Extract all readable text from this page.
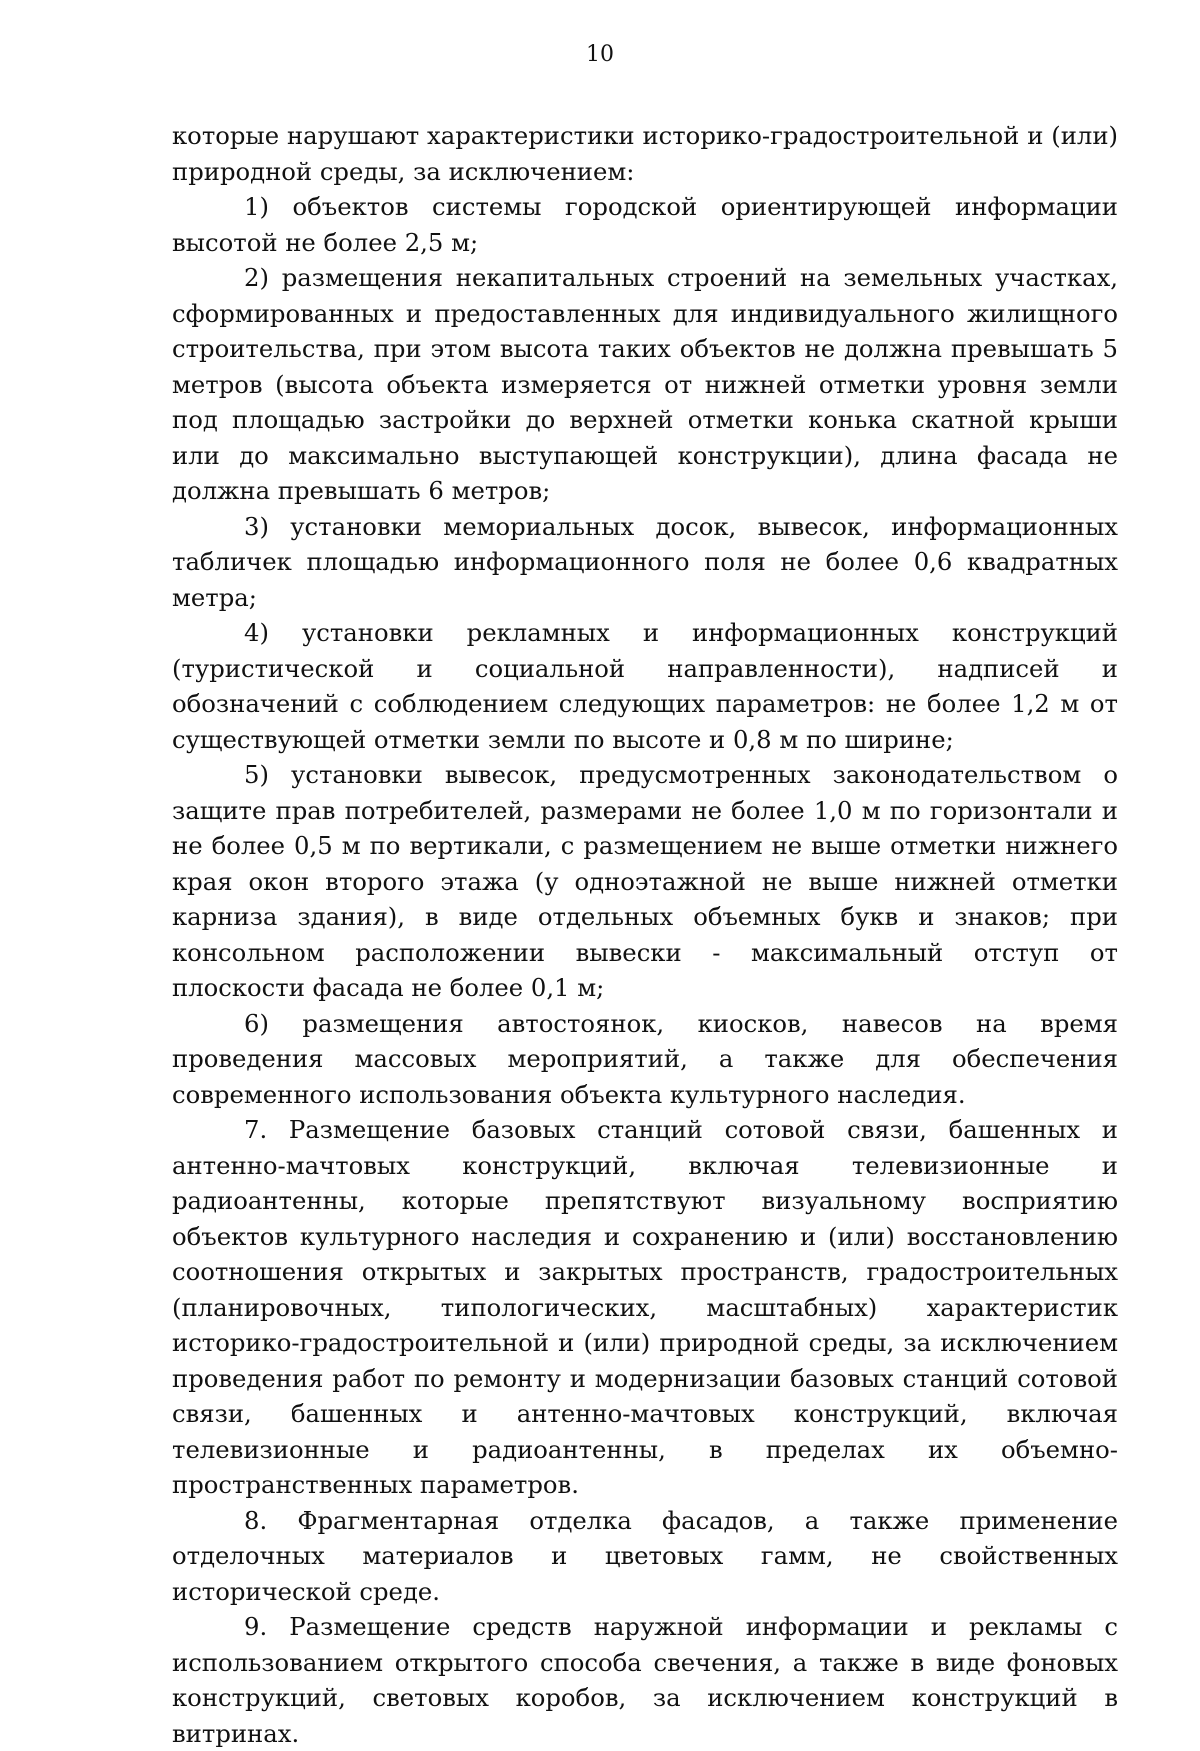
10

которые нарушают характеристики историко-градостроительной и (или) природной среды, за исключением:

1) объектов системы городской ориентирующей информации высотой не более 2,5 м;

2) размещения некапитальных строений на земельных участках, сформированных и предоставленных для индивидуального жилищного строительства, при этом высота таких объектов не должна превышать 5 метров (высота объекта измеряется от нижней отметки уровня земли под площадью застройки до верхней отметки конька скатной крыши или до максимально выступающей конструкции), длина фасада не должна превышать 6 метров;

3) установки мемориальных досок, вывесок, информационных табличек площадью информационного поля не более 0,6 квадратных метра;

4) установки рекламных и информационных конструкций (туристической и социальной направленности), надписей и обозначений с соблюдением следующих параметров: не более 1,2 м от существующей отметки земли по высоте и 0,8 м по ширине;

5) установки вывесок, предусмотренных законодательством о защите прав потребителей, размерами не более 1,0 м по горизонтали и не более 0,5 м по вертикали, с размещением не выше отметки нижнего края окон второго этажа (у одноэтажной не выше нижней отметки карниза здания), в виде отдельных объемных букв и знаков; при консольном расположении вывески - максимальный отступ от плоскости фасада не более 0,1 м;

6) размещения автостоянок, киосков, навесов на время проведения массовых мероприятий, а также для обеспечения современного использования объекта культурного наследия.

7. Размещение базовых станций сотовой связи, башенных и антенно-мачтовых конструкций, включая телевизионные и радиоантенны, которые препятствуют визуальному восприятию объектов культурного наследия и сохранению и (или) восстановлению соотношения открытых и закрытых пространств, градостроительных (планировочных, типологических, масштабных) характеристик историко-градостроительной и (или) природной среды, за исключением проведения работ по ремонту и модернизации базовых станций сотовой связи, башенных и антенно-мачтовых конструкций, включая телевизионные и радиоантенны, в пределах их объемно-пространственных параметров.

8. Фрагментарная отделка фасадов, а также применение отделочных материалов и цветовых гамм, не свойственных исторической среде.

9. Размещение средств наружной информации и рекламы с использованием открытого способа свечения, а также в виде фоновых конструкций, световых коробов, за исключением конструкций в витринах.
